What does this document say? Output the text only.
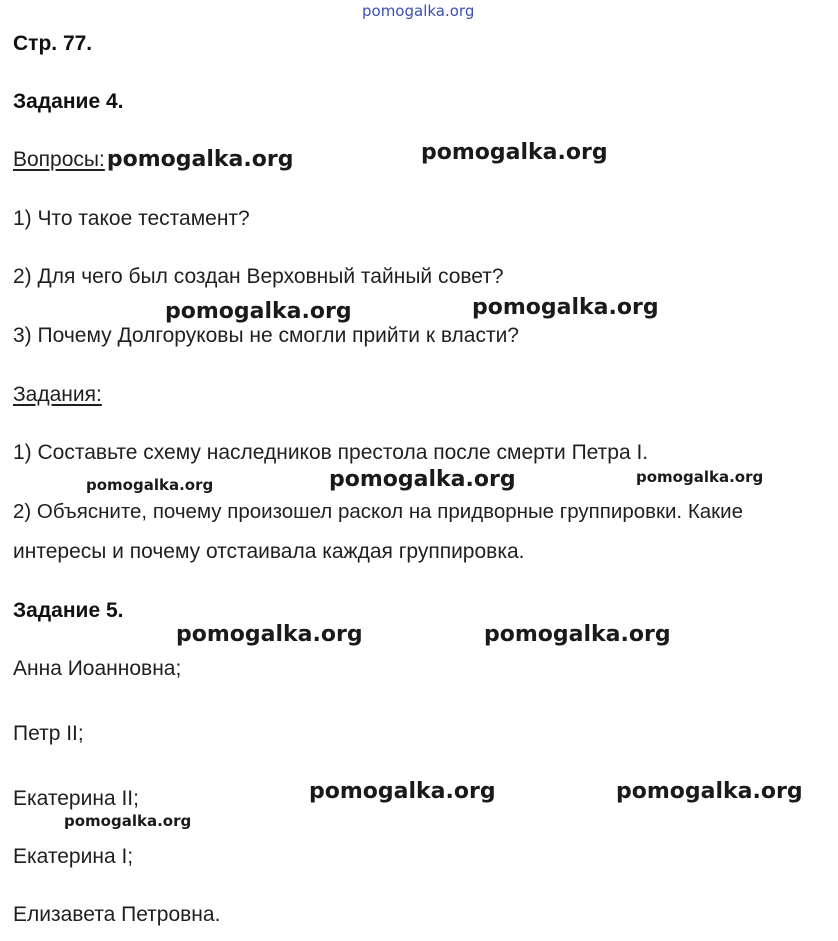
pomogalka.org
Стр. 77.
Задание 4.
Вопросы:pomogalka.org	pomogalka.org
1) Что такое тестамент?
2) Для чего был создан Верховный тайный совет?
pomogalka.org	pomogalka.org
3) Почему Долгоруковы не смогли прийти к власти?
Задания:
1) Составьте схему наследников престола после смерти Петра I.
pomogalka.org	pomogalka.org	pomogalka.org
2) Объясните, почему произошел раскол на придворные группировки. Какие
интересы и почему отстаивала каждая группировка.
Задание 5.
pomogalka.org	pomogalka.org
Анна Иоанновна;
Петр II;
pomogalka.org	pomogalka.org
Екатерина II;
pomogalka.org
Екатерина I;
Елизавета Петровна.
